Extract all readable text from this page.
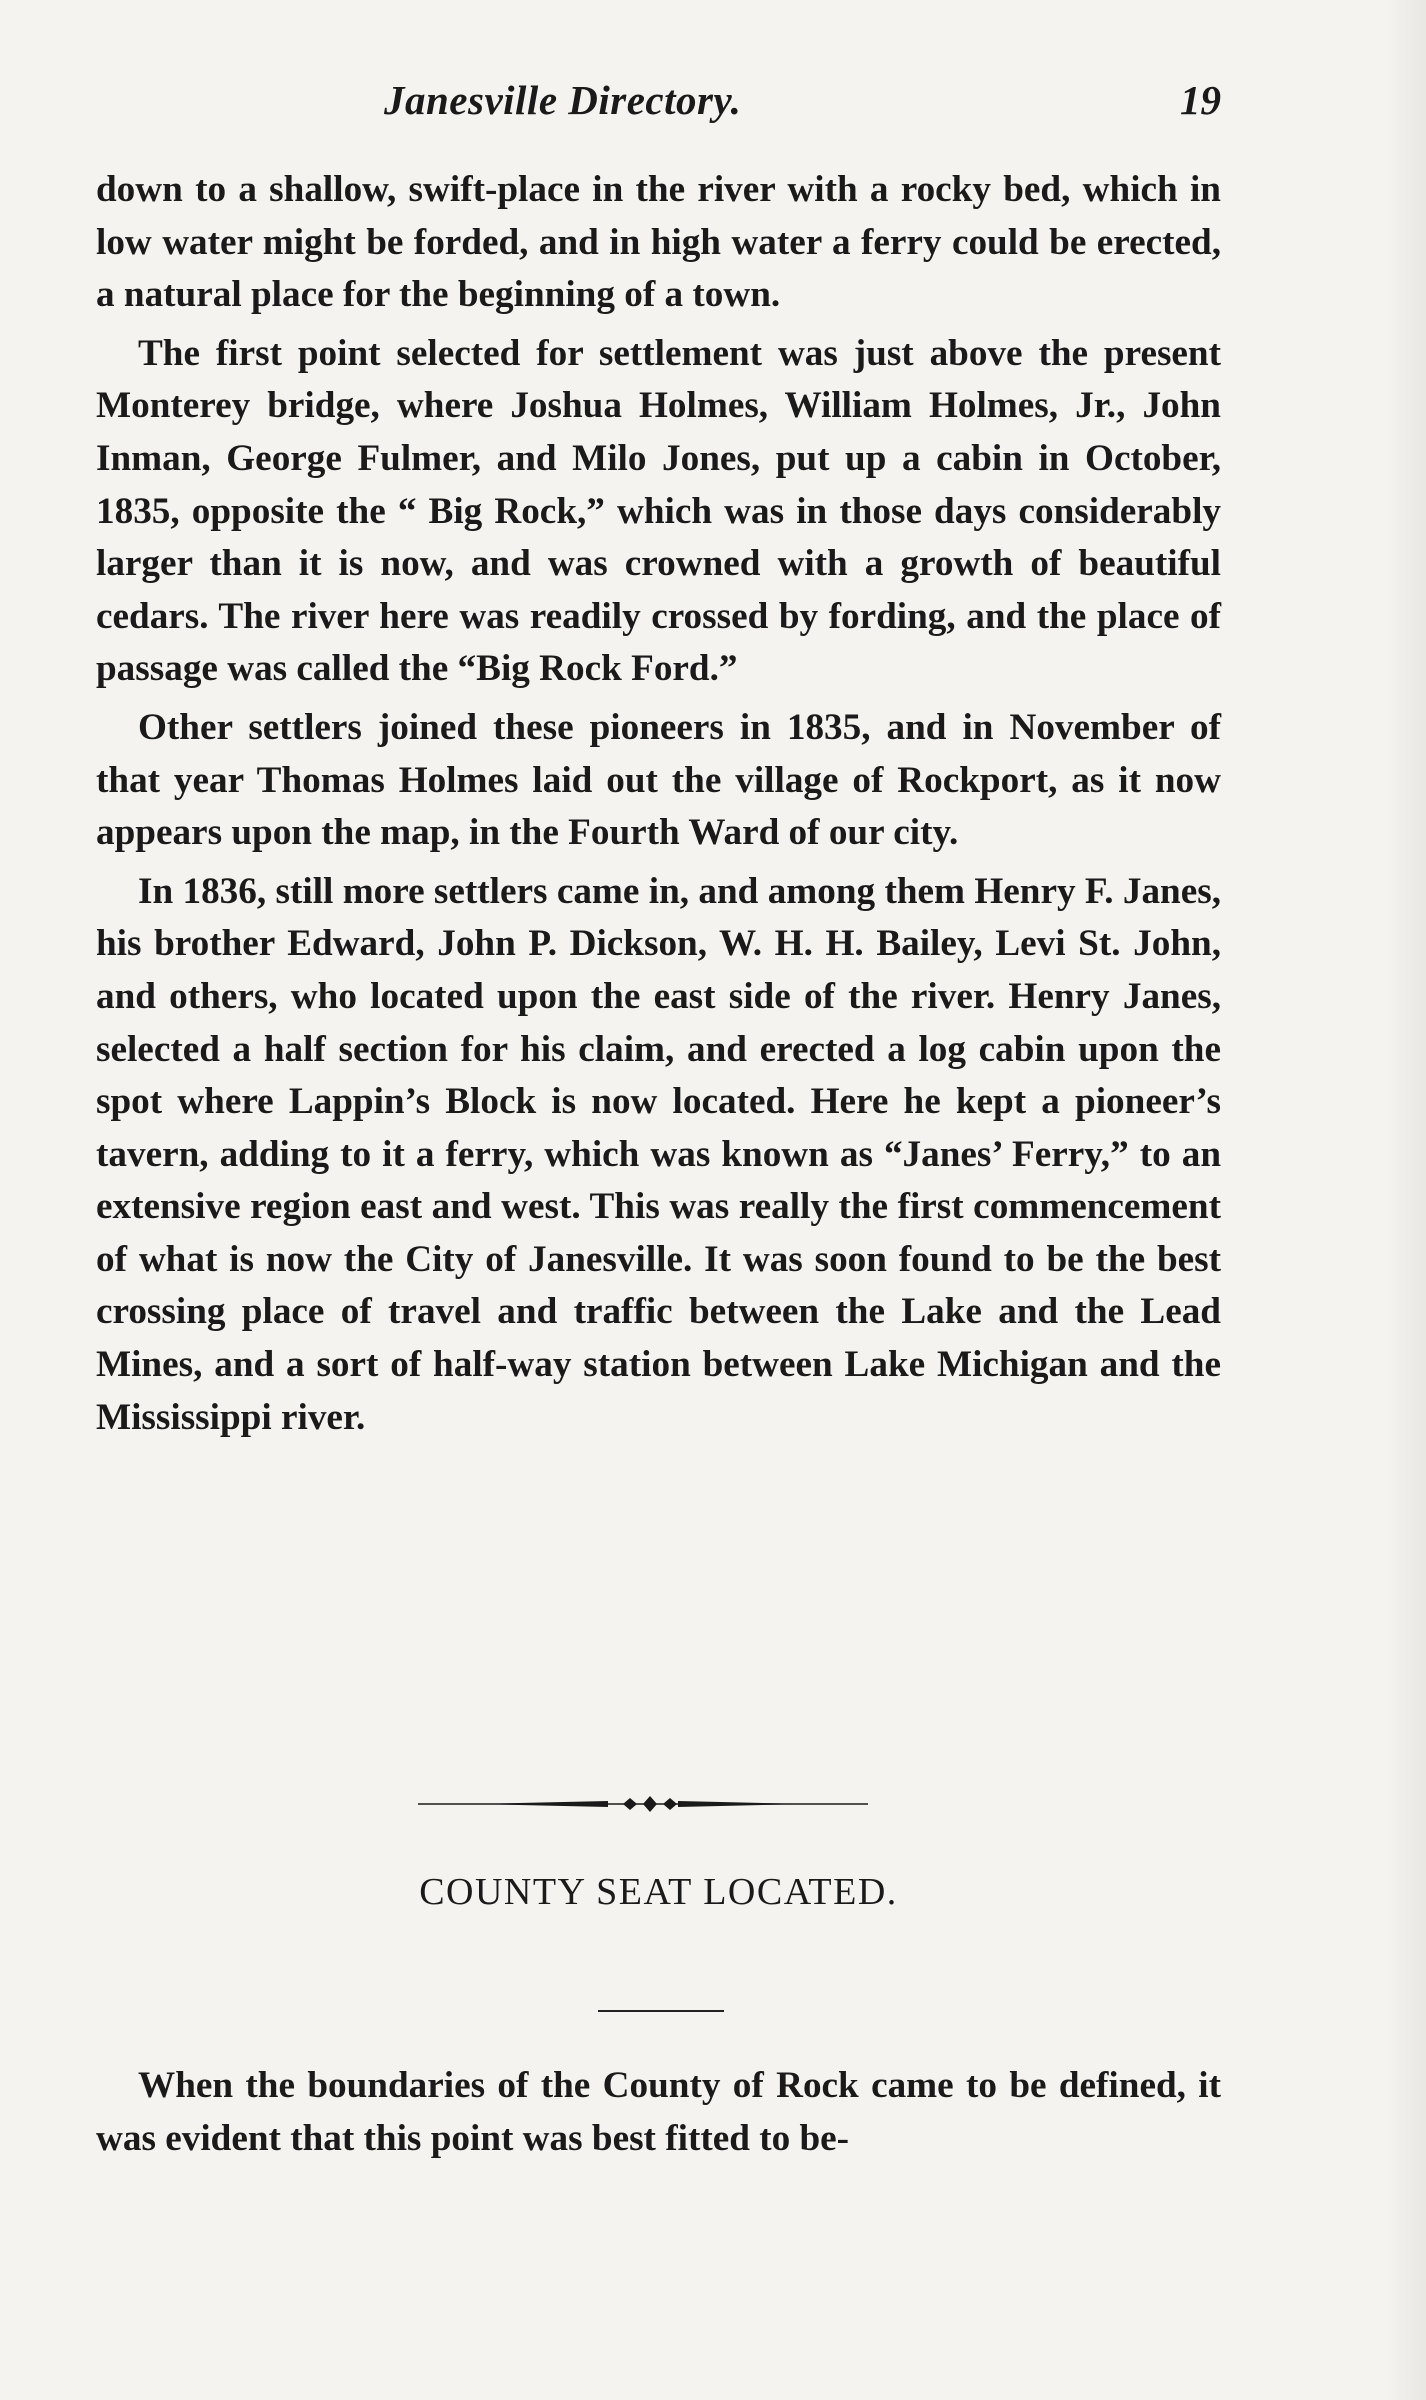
Janesville Directory.	19

down to a shallow, swift-place in the river with a rocky bed, which in low water might be forded, and in high water a ferry could be erected, a natural place for the beginning of a town.

The first point selected for settlement was just above the present Monterey bridge, where Joshua Holmes, William Holmes, Jr., John Inman, George Fulmer, and Milo Jones, put up a cabin in October, 1835, opposite the “ Big Rock,” which was in those days considerably larger than it is now, and was crowned with a growth of beautiful cedars. The river here was readily crossed by fording, and the place of passage was called the “Big Rock Ford.”

Other settlers joined these pioneers in 1835, and in November of that year Thomas Holmes laid out the village of Rockport, as it now appears upon the map, in the Fourth Ward of our city.

In 1836, still more settlers came in, and among them Henry F. Janes, his brother Edward, John P. Dickson, W. H. H. Bailey, Levi St. John, and others, who located upon the east side of the river. Henry Janes, selected a half section for his claim, and erected a log cabin upon the spot where Lappin’s Block is now located. Here he kept a pioneer’s tavern, adding to it a ferry, which was known as “Janes’ Ferry,” to an extensive region east and west. This was really the first commencement of what is now the City of Janesville. It was soon found to be the best crossing place of travel and traffic between the Lake and the Lead Mines, and a sort of half-way station between Lake Michigan and the Mississippi river.

COUNTY SEAT LOCATED.

When the boundaries of the County of Rock came to be defined, it was evident that this point was best fitted to be-
